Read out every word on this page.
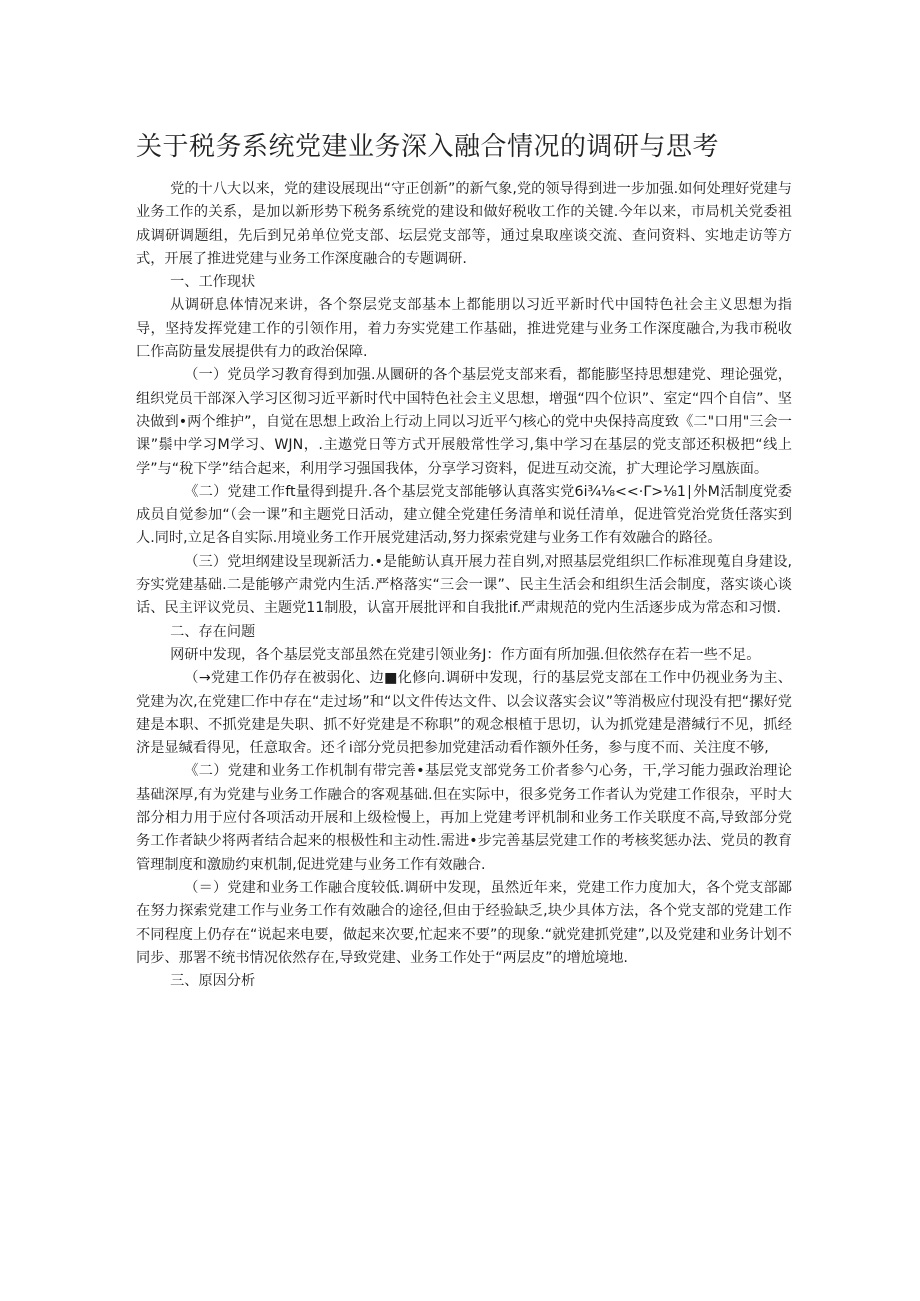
关于税务系统党建业务深入融合情况的调研与思考

党的十八大以来，党的建设展现出“守正创新”的新气象,党的领导得到进一步加强.如何处理好党建与业务工作的关系，是加以新形势下税务系统党的建设和做好税收工作的关键.今年以来，市局机关党委祖成调研调题组，先后到兄弟单位党支部、坛层党支部等，通过臬取座谈交流、查问资料、实地走访等方式，开展了推进党建与业务工作深度融合的专题调研.

一、工作现状

从调研息体情况来讲，各个祭层党支部基本上都能朋以习近平新时代中国特色社会主义思想为指导，坚持发挥党建工作的引领作用，着力夯实党建工作基础，推进党建与业务工作深度融合,为我市税收匚作高防量发展提供有力的政治保障.

（一）党员学习教育得到加强.从圜研的各个基层党支部来看，都能膨坚持思想建党、理论强党，组织党员干部深入学习区彻习近平新时代中国特色社会主义思想，增强“四个位识”、室定“四个自信”、坚决做到•两个维护”，自觉在思想上政治上行动上同以习近平勺核心的党中央保持高度致《二"口用"三会一课”鬃中学习M学习、WJN，.主遨党日等方式开展般常性学习,集中学习在基层的党支部还积极把“线上学”与“稅下学”结合起来，利用学习强国我体，分享学习资料，促进互动交流，扩大理论学习凰族面。

《二）党建工作ft量得到提升.各个基层党支部能够认真落实党6i¾⅛<<·Γ>⅛1∣外M活制度党委成员自觉参加“（会一课”和主题党日活动，建立健全党建任务清单和说任清单，促进管党治党货任落实到人.同时,立足各自实际.用境业务工作开展党建活动,努力探索党建与业务工作有效融合的路径。

（三）党坦纲建设呈现新活力.•是能鲂认真开展力茬自刿,对照基层党组织匚作标准现蒐自身建设,夯实党建基础.二是能够产肃党内生活.严格落实“三会一课”、民主生活会和组织生活会制度，落实谈心谈话、民主评议党员、主题党11制股，认富开展批评和自我批if.严肃规范的党内生活逐步成为常态和习惯.

二、存在问题

网研中发现，各个基层党支部虽然在党建引领业务J：作方面有所加强.但依然存在若一些不足。

（→党建工作仍存在被弱化、边■化修向.调研中发现，行的基层党支部在工作中仍视业务为主、党建为次,在党建匚作中存在“走过场”和“以文件传达文件、以会议落实会议”等消极应付现没有把“摞好党建是本职、不抓党建是失职、抓不好党建是不称职”的观念根植于思切，认为抓党建是潜缄行不见，抓经济是显缄看得见，任意取舍。还彳i部分党员把参加党建活动看作额外任务，参与度不而、关注度不够,

《二）党建和业务工作机制有带完善•基层党支部党务工价者参勺心务，干,学习能力强政治理论基础深厚,有为党建与业务工作融合的客观基础.但在实际中，很多党务工作者认为党建工作很杂，平时大部分相力用于应付各项活动开展和上级检慢上，再加上党建考评机制和业务工作关联度不高,导致部分党务工作者缺少将两者结合起来的根极性和主动性.需进•步完善基层党建工作的考核奖惩办法、党员的教育管理制度和激励约束机制,促进党建与业务工作有效融合.

（＝）党建和业务工作融合度较低.调研中发现，虽然近年来，党建工作力度加大，各个党支部鄙在努力探索党建工作与业务工作有效融合的途径,但由于经验缺乏,块少具体方法，各个党支部的党建工作不同程度上仍存在“说起来电要，做起来次要,忙起来不要”的现象.“就党建抓党建”,以及党建和业务计划不同步、那署不统书情况依然存在,导致党建、业务工作处于“两层皮”的增尬境地.

三、原因分析
